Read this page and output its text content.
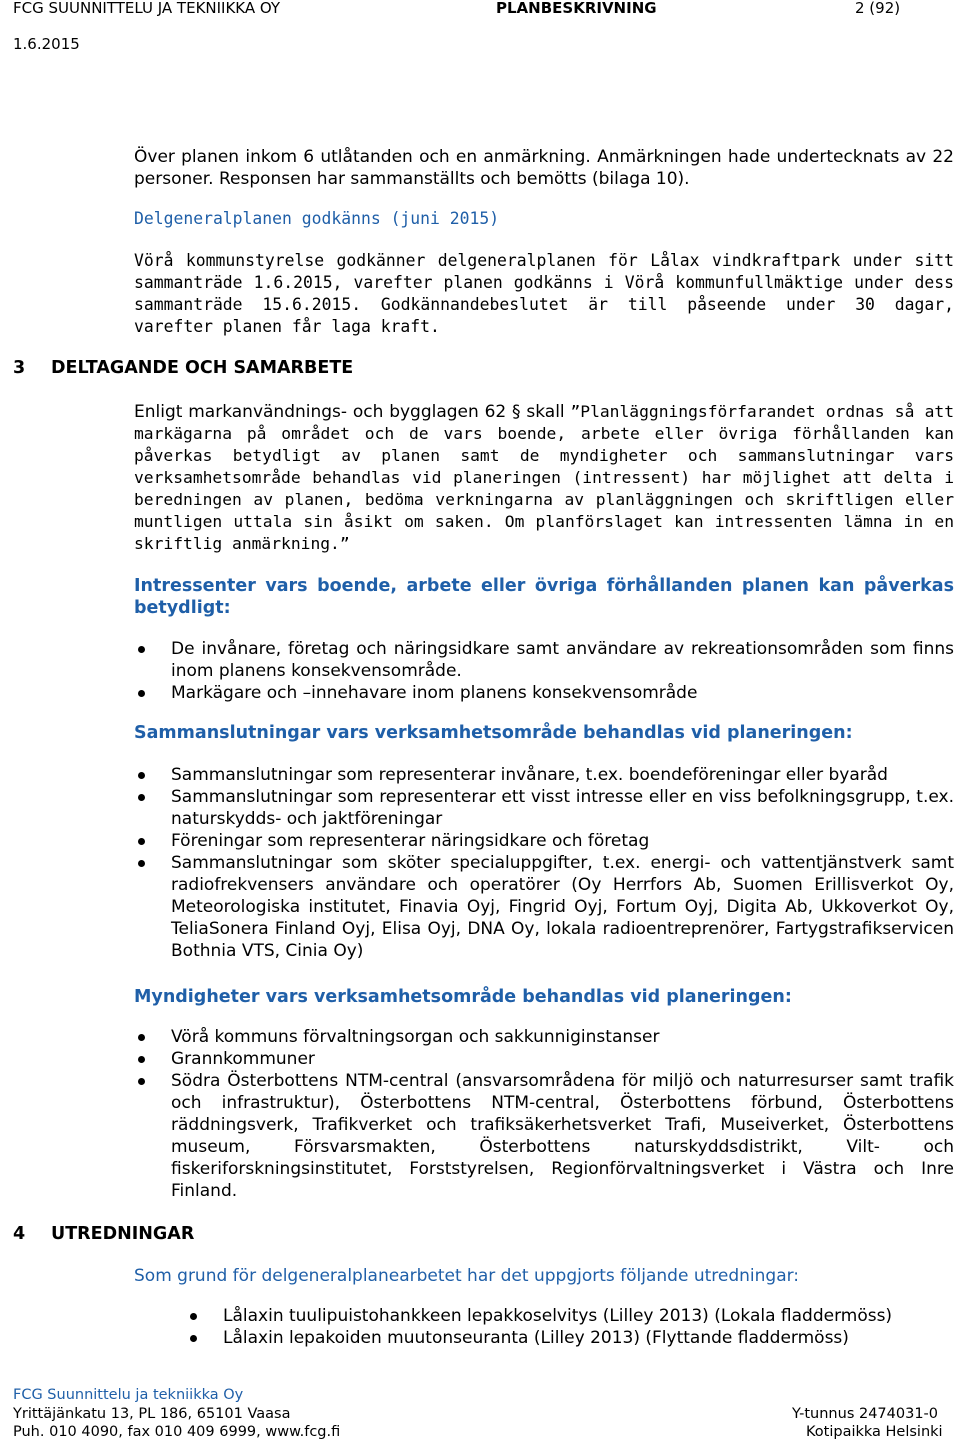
FCG SUUNNITTELU JA TEKNIIKKA OY	PLANBESKRIVNING	2 (92)
1.6.2015
Över planen inkom 6 utlåtanden och en anmärkning. Anmärkningen hade undertecknats av 22 personer. Responsen har sammanställts och bemötts (bilaga 10).
Delgeneralplanen godkänns (juni 2015)
Vörå kommunstyrelse godkänner delgeneralplanen för Lålax vindkraftpark under sitt sammanträde 1.6.2015, varefter planen godkänns i Vörå kommunfullmäktige under dess sammanträde 15.6.2015. Godkännandebeslutet är till påseende under 30 dagar, varefter planen får laga kraft.
3 DELTAGANDE OCH SAMARBETE
Enligt markanvändnings- och bygglagen 62 § skall ”Planläggningsförfarandet ordnas så att markägarna på området och de vars boende, arbete eller övriga förhållanden kan påverkas betydligt av planen samt de myndigheter och sammanslutningar vars verksamhetsområde behandlas vid planeringen (intressent) har möjlighet att delta i beredningen av planen, bedöma verkningarna av planläggningen och skriftligen eller muntligen uttala sin åsikt om saken. Om planförslaget kan intressenten lämna in en skriftlig anmärkning.”
Intressenter vars boende, arbete eller övriga förhållanden planen kan påverkas betydligt:
De invånare, företag och näringsidkare samt användare av rekreationsområden som finns inom planens konsekvensområde.
Markägare och –innehavare inom planens konsekvensområde
Sammanslutningar vars verksamhetsområde behandlas vid planeringen:
Sammanslutningar som representerar invånare, t.ex. boendeföreningar eller byaråd
Sammanslutningar som representerar ett visst intresse eller en viss befolkningsgrupp, t.ex. naturskydds- och jaktföreningar
Föreningar som representerar näringsidkare och företag
Sammanslutningar som sköter specialuppgifter, t.ex. energi- och vattentjänstverk samt radiofrekvensers användare och operatörer (Oy Herrfors Ab, Suomen Erillisverkot Oy, Meteorologiska institutet, Finavia Oyj, Fingrid Oyj, Fortum Oyj, Digita Ab, Ukkoverkot Oy, TeliaSonera Finland Oyj, Elisa Oyj, DNA Oy, lokala radioentreprenörer, Fartygstrafikservicen Bothnia VTS, Cinia Oy)
Myndigheter vars verksamhetsområde behandlas vid planeringen:
Vörå kommuns förvaltningsorgan och sakkunniginstanser
Grannkommuner
Södra Österbottens NTM-central (ansvarsområdena för miljö och naturresurser samt trafik och infrastruktur), Österbottens NTM-central, Österbottens förbund, Österbottens räddningsverk, Trafikverket och trafiksäkerhetsverket Trafi, Museiverket, Österbottens museum, Försvarsmakten, Österbottens naturskyddsdistrikt, Vilt- och fiskeriforskningsinstitutet, Forststyrelsen, Regionförvaltningsverket i Västra och Inre Finland.
4 UTREDNINGAR
Som grund för delgeneralplanearbetet har det uppgjorts följande utredningar:
Lålaxin tuulipuistohankkeen lepakkoselvitys (Lilley 2013) (Lokala fladdermöss)
Lålaxin lepakoiden muutonseuranta (Lilley 2013) (Flyttande fladdermöss)
FCG Suunnittelu ja tekniikka Oy
Yrittäjänkatu 13, PL 186, 65101 Vaasa
Puh. 010 4090, fax 010 409 6999, www.fcg.fi
Y-tunnus 2474031-0
Kotipaikka Helsinki
